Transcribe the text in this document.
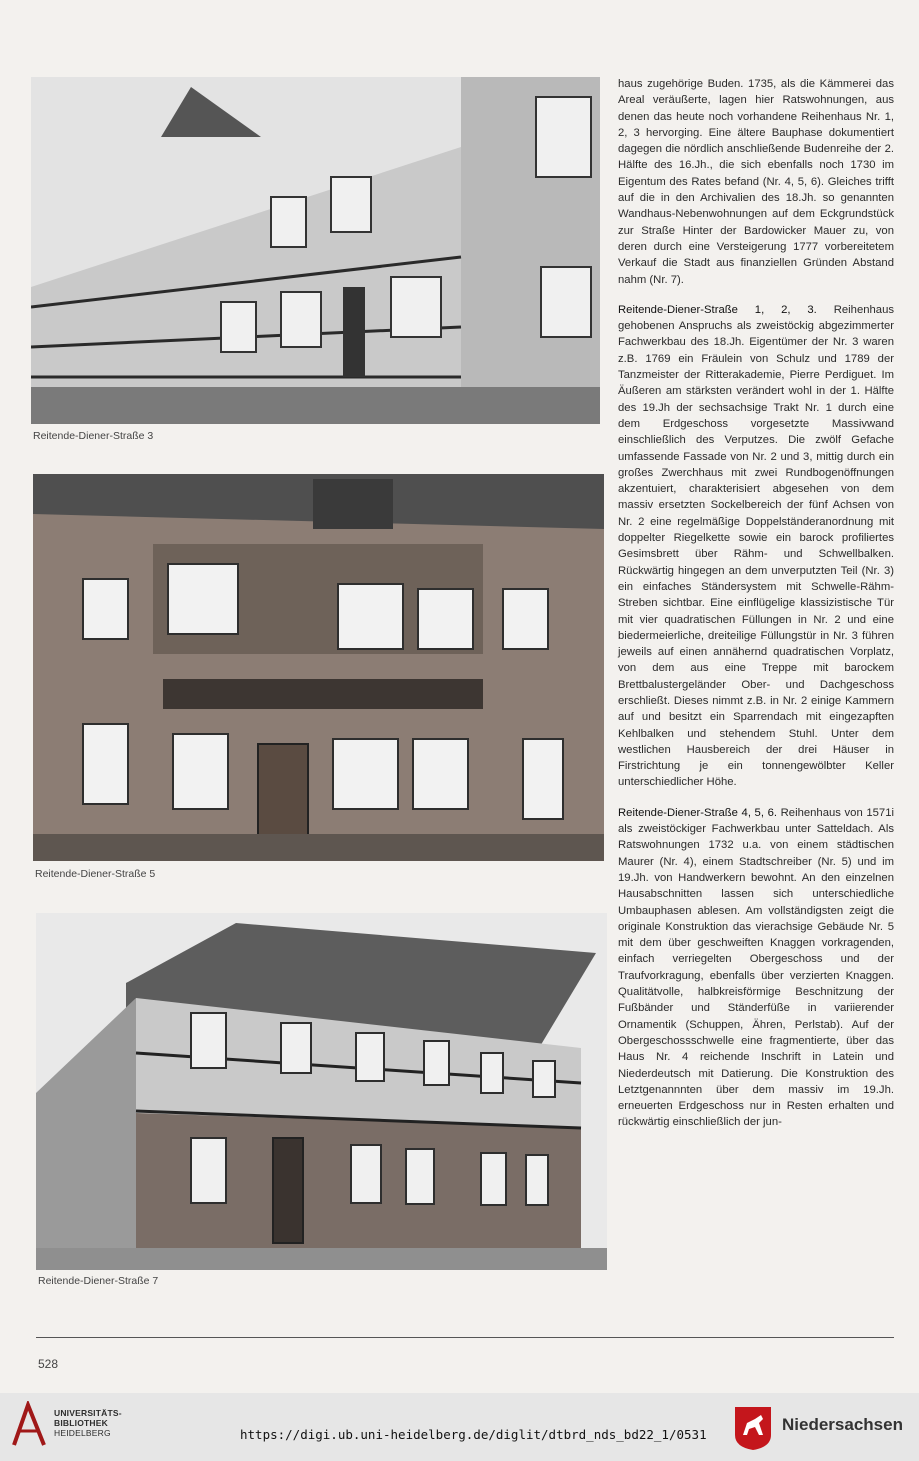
Reitende-Diener-Straße 3
Reitende-Diener-Straße 5
Reitende-Diener-Straße 7

haus zugehörige Buden. 1735, als die Kämmerei das Areal veräußerte, lagen hier Ratswohnungen, aus denen das heute noch vorhandene Reihenhaus Nr. 1, 2, 3 hervorging. Eine ältere Bauphase dokumentiert dagegen die nördlich anschließende Budenreihe der 2. Hälfte des 16.Jh., die sich ebenfalls noch 1730 im Eigentum des Rates befand (Nr. 4, 5, 6). Gleiches trifft auf die in den Archivalien des 18.Jh. so genannten Wandhaus-Nebenwohnungen auf dem Eckgrundstück zur Straße Hinter der Bardowicker Mauer zu, von deren durch eine Versteigerung 1777 vorbereitetem Verkauf die Stadt aus finanziellen Gründen Abstand nahm (Nr. 7).

Reitende-Diener-Straße 1, 2, 3. Reihenhaus gehobenen Anspruchs als zweistöckig abgezimmerter Fachwerkbau des 18.Jh. Eigentümer der Nr. 3 waren z.B. 1769 ein Fräulein von Schulz und 1789 der Tanzmeister der Ritterakademie, Pierre Perdiguet. Im Äußeren am stärksten verändert wohl in der 1. Hälfte des 19.Jh der sechsachsige Trakt Nr. 1 durch eine dem Erdgeschoss vorgesetzte Massivwand einschließlich des Verputzes. Die zwölf Gefache umfassende Fassade von Nr. 2 und 3, mittig durch ein großes Zwerchhaus mit zwei Rundbogenöffnungen akzentuiert, charakterisiert abgesehen von dem massiv ersetzten Sockelbereich der fünf Achsen von Nr. 2 eine regelmäßige Doppelständeranordnung mit doppelter Riegelkette sowie ein barock profiliertes Gesimsbrett über Rähm- und Schwellbalken. Rückwärtig hingegen an dem unverputzten Teil (Nr. 3) ein einfaches Ständersystem mit Schwelle-Rähm-Streben sichtbar. Eine einflügelige klassizistische Tür mit vier quadratischen Füllungen in Nr. 2 und eine biedermeierliche, dreiteilige Füllungstür in Nr. 3 führen jeweils auf einen annähernd quadratischen Vorplatz, von dem aus eine Treppe mit barockem Brettbalustergeländer Ober- und Dachgeschoss erschließt. Dieses nimmt z.B. in Nr. 2 einige Kammern auf und besitzt ein Sparrendach mit eingezapften Kehlbalken und stehendem Stuhl. Unter dem westlichen Hausbereich der drei Häuser in Firstrichtung je ein tonnengewölbter Keller unterschiedlicher Höhe.

Reitende-Diener-Straße 4, 5, 6. Reihenhaus von 1571i als zweistöckiger Fachwerkbau unter Satteldach. Als Ratswohnungen 1732 u.a. von einem städtischen Maurer (Nr. 4), einem Stadtschreiber (Nr. 5) und im 19.Jh. von Handwerkern bewohnt. An den einzelnen Hausabschnitten lassen sich unterschiedliche Umbauphasen ablesen. Am vollständigsten zeigt die originale Konstruktion das vierachsige Gebäude Nr. 5 mit dem über geschweiften Knaggen vorkragenden, einfach verriegelten Obergeschoss und der Traufvorkragung, ebenfalls über verzierten Knaggen. Qualitätvolle, halbkreisförmige Beschnitzung der Fußbänder und Ständerfüße in variierender Ornamentik (Schuppen, Ähren, Perlstab). Auf der Obergeschossschwelle eine fragmentierte, über das Haus Nr. 4 reichende Inschrift in Latein und Niederdeutsch mit Datierung. Die Konstruktion des Letztgenannnten über dem massiv im 19.Jh. erneuerten Erdgeschoss nur in Resten erhalten und rückwärtig einschließlich der jun-

528
UNIVERSITÄTS-
BIBLIOTHEK
HEIDELBERG	https://digi.ub.uni-heidelberg.de/diglit/dtbrd_nds_bd22_1/0531
Niedersachsen
